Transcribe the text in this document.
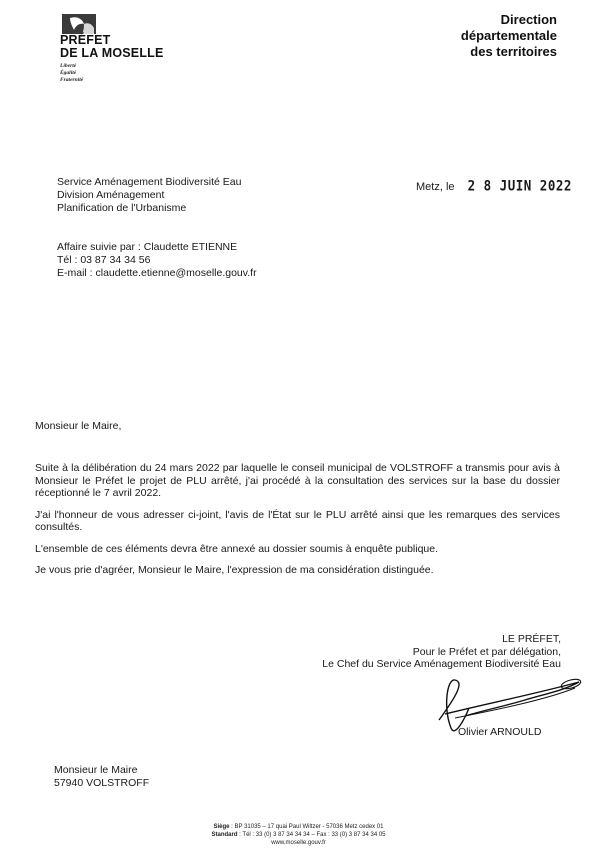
PRÉFET
DE LA MOSELLE
Liberté
Égalité
Fraternité
Direction
départementale
des territoires
Service Aménagement Biodiversité Eau
Division Aménagement
Planification de l'Urbanisme
Metz, le 2 8 JUIN 2022
Affaire suivie par : Claudette ETIENNE
Tél : 03 87 34 34 56
E-mail : claudette.etienne@moselle.gouv.fr
Monsieur le Maire,

Suite à la délibération du 24 mars 2022 par laquelle le conseil municipal de VOLSTROFF a transmis pour avis à Monsieur le Préfet le projet de PLU arrêté, j'ai procédé à la consultation des services sur la base du dossier réceptionné le 7 avril 2022.

J'ai l'honneur de vous adresser ci-joint, l'avis de l'État sur le PLU arrêté ainsi que les remarques des services consultés.

L'ensemble de ces éléments devra être annexé au dossier soumis à enquête publique.

Je vous prie d'agréer, Monsieur le Maire, l'expression de ma considération distinguée.

LE PRÉFET,
Pour le Préfet et par délégation,
Le Chef du Service Aménagement Biodiversité Eau
Olivier ARNOULD
Monsieur le Maire
57940 VOLSTROFF
Siège : BP 31035 – 17 quai Paul Wiltzer - 57036 Metz cedex 01
Standard : Tél : 33 (0) 3 87 34 34 34 – Fax : 33 (0) 3 87 34 34 05
www.moselle.gouv.fr
